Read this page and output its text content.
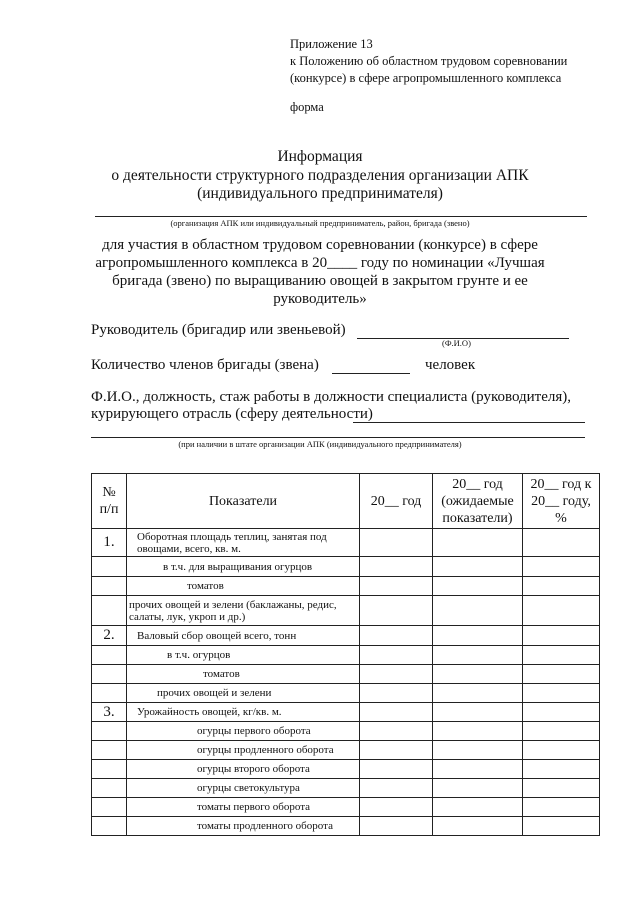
Приложение 13
к Положению об областном трудовом соревновании
(конкурсе) в сфере агропромышленного комплекса
форма
Информация
о деятельности структурного подразделения организации АПК
(индивидуального предпринимателя)
(организация АПК или индивидуальный предприниматель, район, бригада (звено)
для участия в областном трудовом соревновании (конкурсе) в сфере
агропромышленного комплекса в 20____ году по номинации «Лучшая
бригада (звено) по выращиванию овощей в закрытом грунте и ее
руководитель»
Руководитель (бригадир или звеньевой)
(Ф.И.О)
Количество членов бригады (звена)	человек
Ф.И.О., должность, стаж работы в должности специалиста (руководителя),
курирующего отрасль (сферу деятельности)
(при наличии в штате организации АПК (индивидуального предпринимателя)
№ п/п	Показатели	20__ год	20__ год (ожидаемые показатели)	20__ год к 20__ году, %
1.	Оборотная площадь теплиц, занятая под овощами, всего, кв. м.			
	в т.ч. для выращивания огурцов			
	томатов			
	прочих овощей и зелени (баклажаны, редис, салаты, лук, укроп и др.)			
2.	Валовый сбор овощей всего, тонн			
	в т.ч. огурцов			
	томатов			
	прочих овощей и зелени			
3.	Урожайность овощей, кг/кв. м.			
	огурцы первого оборота			
	огурцы продленного оборота			
	огурцы второго оборота			
	огурцы светокультура			
	томаты первого оборота			
	томаты продленного оборота			
